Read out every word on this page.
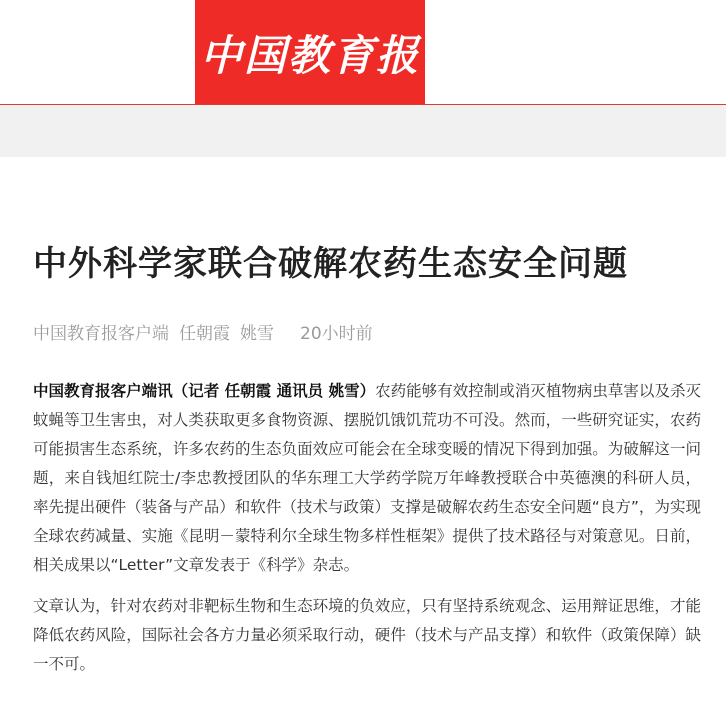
中国教育报
中外科学家联合破解农药生态安全问题
中国教育报客户端 任朝霞 姚雪 20小时前

中国教育报客户端讯（记者 任朝霞 通讯员 姚雪）农药能够有效控制或消灭植物病虫草害以及杀灭蚊蝇等卫生害虫，对人类获取更多食物资源、摆脱饥饿饥荒功不可没。然而，一些研究证实，农药可能损害生态系统，许多农药的生态负面效应可能会在全球变暖的情况下得到加强。为破解这一问题，来自钱旭红院士/李忠教授团队的华东理工大学药学院万年峰教授联合中英德澳的科研人员，率先提出硬件（装备与产品）和软件（技术与政策）支撑是破解农药生态安全问题“良方”，为实现全球农药减量、实施《昆明－蒙特利尔全球生物多样性框架》提供了技术路径与对策意见。日前，相关成果以“Letter”文章发表于《科学》杂志。

文章认为，针对农药对非靶标生物和生态环境的负效应，只有坚持系统观念、运用辩证思维，才能降低农药风险，国际社会各方力量必须采取行动，硬件（技术与产品支撑）和软件（政策保障）缺一不可。
